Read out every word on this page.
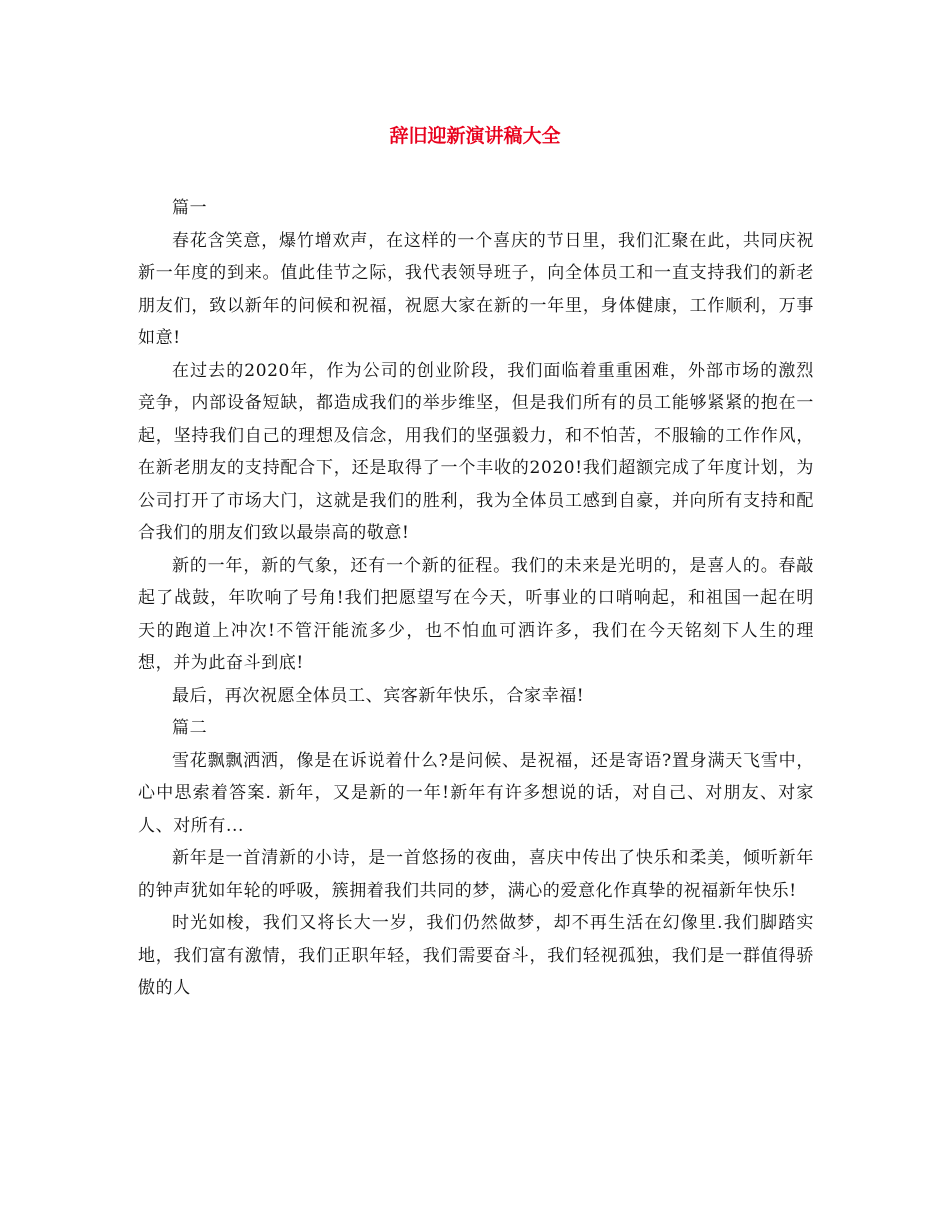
辞旧迎新演讲稿大全

篇一

春花含笑意，爆竹增欢声，在这样的一个喜庆的节日里，我们汇聚在此，共同庆祝新一年度的到来。值此佳节之际，我代表领导班子，向全体员工和一直支持我们的新老朋友们，致以新年的问候和祝福，祝愿大家在新的一年里，身体健康，工作顺利，万事如意!

在过去的2020年，作为公司的创业阶段，我们面临着重重困难，外部市场的激烈竞争，内部设备短缺，都造成我们的举步维坚，但是我们所有的员工能够紧紧的抱在一起，坚持我们自己的理想及信念，用我们的坚强毅力，和不怕苦，不服输的工作作风，在新老朋友的支持配合下，还是取得了一个丰收的2020!我们超额完成了年度计划，为公司打开了市场大门，这就是我们的胜利，我为全体员工感到自豪，并向所有支持和配合我们的朋友们致以最崇高的敬意!

新的一年，新的气象，还有一个新的征程。我们的未来是光明的，是喜人的。春敲起了战鼓，年吹响了号角!我们把愿望写在今天，听事业的口哨响起，和祖国一起在明天的跑道上冲次!不管汗能流多少，也不怕血可洒许多，我们在今天铭刻下人生的理想，并为此奋斗到底!

最后，再次祝愿全体员工、宾客新年快乐，合家幸福!

篇二

雪花飘飘洒洒，像是在诉说着什么?是问候、是祝福，还是寄语?置身满天飞雪中，心中思索着答案. 新年，又是新的一年!新年有许多想说的话，对自己、对朋友、对家人、对所有...

新年是一首清新的小诗，是一首悠扬的夜曲，喜庆中传出了快乐和柔美，倾听新年的钟声犹如年轮的呼吸，簇拥着我们共同的梦，满心的爱意化作真挚的祝福新年快乐!

时光如梭，我们又将长大一岁，我们仍然做梦，却不再生活在幻像里.我们脚踏实地，我们富有激情，我们正职年轻，我们需要奋斗，我们轻视孤独，我们是一群值得骄傲的人
